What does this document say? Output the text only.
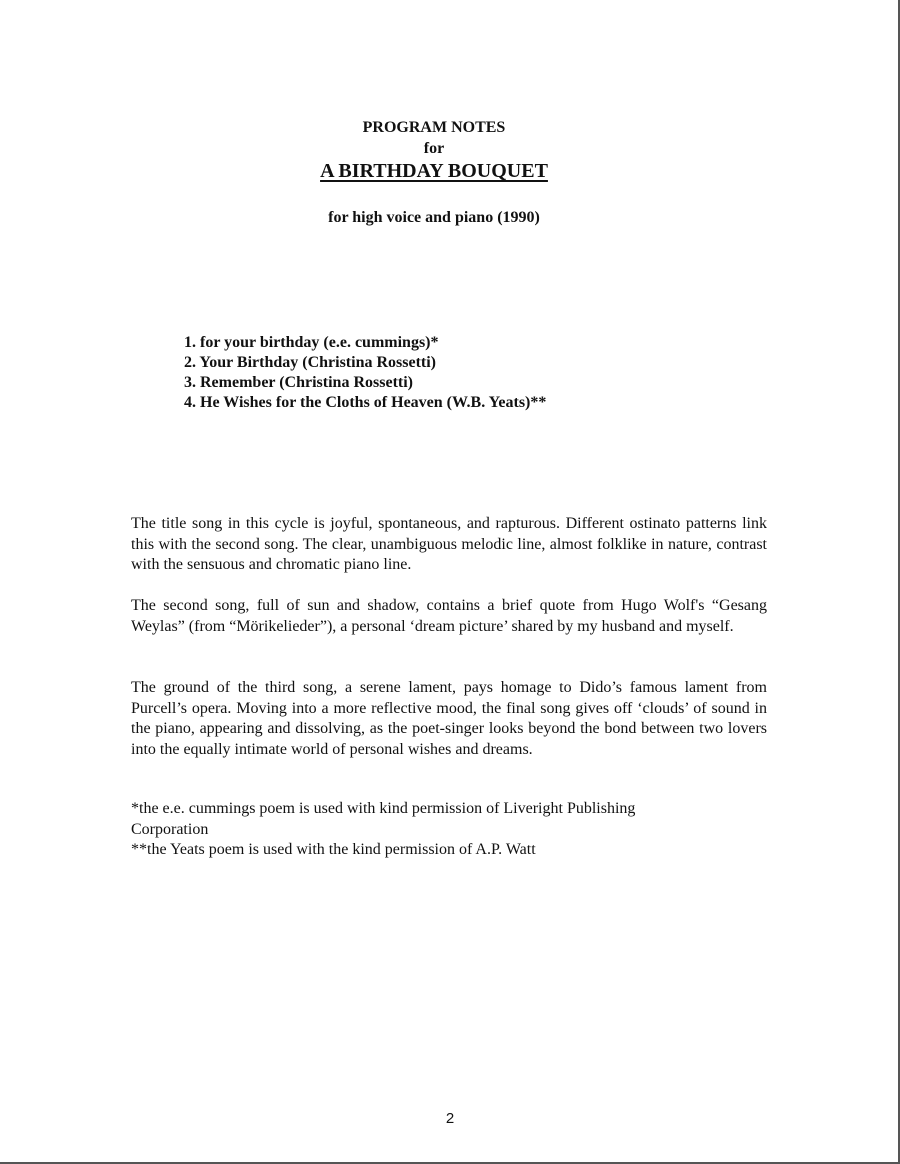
PROGRAM NOTES
for
A BIRTHDAY BOUQUET
for high voice and piano (1990)
1. for your birthday (e.e. cummings)*
2. Your Birthday (Christina Rossetti)
3. Remember (Christina Rossetti)
4. He Wishes for the Cloths of Heaven (W.B. Yeats)**

The title song in this cycle is joyful, spontaneous, and rapturous. Different ostinato patterns link this with the second song. The clear, unambiguous melodic line, almost folklike in nature, contrast with the sensuous and chromatic piano line.

The second song, full of sun and shadow, contains a brief quote from Hugo Wolf's “Gesang Weylas” (from “Mörikelieder”), a personal ‘dream picture’ shared by my husband and myself.

The ground of the third song, a serene lament, pays homage to Dido’s famous lament from Purcell’s opera. Moving into a more reflective mood, the final song gives off ‘clouds’ of sound in the piano, appearing and dissolving, as the poet-singer looks beyond the bond between two lovers into the equally intimate world of personal wishes and dreams.

*the e.e. cummings poem is used with kind permission of Liveright Publishing
Corporation
**the Yeats poem is used with the kind permission of A.P. Watt
2
